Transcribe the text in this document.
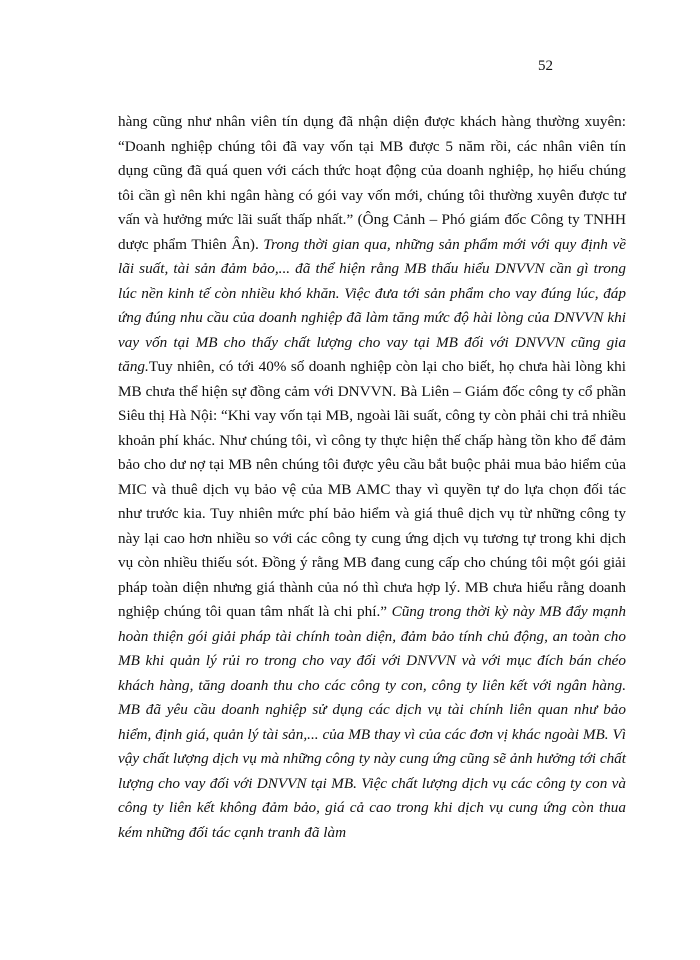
52

hàng cũng như nhân viên tín dụng đã nhận diện được khách hàng thường xuyên: “Doanh nghiệp chúng tôi đã vay vốn tại MB được 5 năm rồi, các nhân viên tín dụng cũng đã quá quen với cách thức hoạt động của doanh nghiệp, họ hiểu chúng tôi cần gì nên khi ngân hàng có gói vay vốn mới, chúng tôi thường xuyên được tư vấn và hưởng mức lãi suất thấp nhất.” (Ông Cảnh – Phó giám đốc Công ty TNHH dược phẩm Thiên Ân). Trong thời gian qua, những sản phẩm mới với quy định về lãi suất, tài sản đảm bảo,... đã thể hiện rằng MB thấu hiểu DNVVN cần gì trong lúc nền kinh tế còn nhiều khó khăn. Việc đưa tới sản phẩm cho vay đúng lúc, đáp ứng đúng nhu cầu của doanh nghiệp đã làm tăng mức độ hài lòng của DNVVN khi vay vốn tại MB cho thấy chất lượng cho vay tại MB đối với DNVVN cũng gia tăng.Tuy nhiên, có tới 40% số doanh nghiệp còn lại cho biết, họ chưa hài lòng khi MB chưa thể hiện sự đồng cảm với DNVVN. Bà Liên – Giám đốc công ty cổ phần Siêu thị Hà Nội: “Khi vay vốn tại MB, ngoài lãi suất, công ty còn phải chi trả nhiều khoản phí khác. Như chúng tôi, vì công ty thực hiện thế chấp hàng tồn kho để đảm bảo cho dư nợ tại MB nên chúng tôi được yêu cầu bắt buộc phải mua bảo hiểm của MIC và thuê dịch vụ bảo vệ của MB AMC thay vì quyền tự do lựa chọn đối tác như trước kia. Tuy nhiên mức phí bảo hiểm và giá thuê dịch vụ từ những công ty này lại cao hơn nhiều so với các công ty cung ứng dịch vụ tương tự trong khi dịch vụ còn nhiều thiếu sót. Đồng ý rằng MB đang cung cấp cho chúng tôi một gói giải pháp toàn diện nhưng giá thành của nó thì chưa hợp lý. MB chưa hiểu rằng doanh nghiệp chúng tôi quan tâm nhất là chi phí.” Cũng trong thời kỳ này MB đẩy mạnh hoàn thiện gói giải pháp tài chính toàn diện, đảm bảo tính chủ động, an toàn cho MB khi quản lý rủi ro trong cho vay đối với DNVVN và với mục đích bán chéo khách hàng, tăng doanh thu cho các công ty con, công ty liên kết với ngân hàng. MB đã yêu cầu doanh nghiệp sử dụng các dịch vụ tài chính liên quan như bảo hiểm, định giá, quản lý tài sản,... của MB thay vì của các đơn vị khác ngoài MB. Vì vậy chất lượng dịch vụ mà những công ty này cung ứng cũng sẽ ảnh hưởng tới chất lượng cho vay đối với DNVVN tại MB. Việc chất lượng dịch vụ các công ty con và công ty liên kết không đảm bảo, giá cả cao trong khi dịch vụ cung ứng còn thua kém những đối tác cạnh tranh đã làm
